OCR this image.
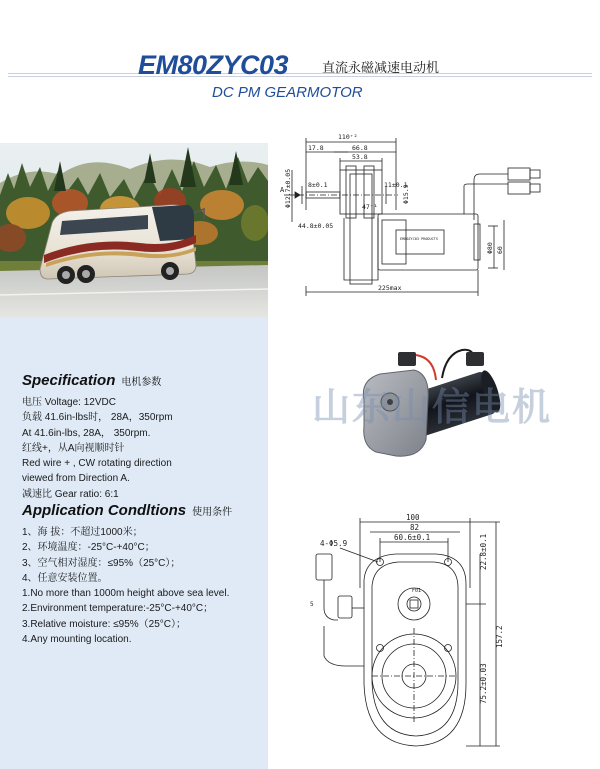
EM80ZYC03	直流永磁减速电动机
DC PM GEARMOTOR
Specification 电机参数
电压 Voltage: 12VDC
负载 41.6in-lbs时， 28A，350rpm
At 41.6in-lbs, 28A， 350rpm.
红线+，从A向视顺时针
Red wire + , CW rotating direction
viewed from Direction A.
减速比 Gear ratio: 6:1
Application Condltions 使用条件
1、海 拔：不超过1000米；
2、环境温度：-25°C-+40°C；
3、空气相对湿度：≤95%（25°C）；
4、任意安装位置。
1.No more than 1000m height above sea level.
2.Environment temperature:-25°C-+40°C；
3.Relative moisture: ≤95%（25°C）；
4.Any mounting location.
110⁺²
17.8	66.8
53.8
8±0.1	11±0.1
47⁺¹
44.8±0.05
225max
A
EM80ZYC03 PRODUCTS
Φ12.7±0.05	Φ15.9
Φ80 60
山东山信电机
100
82
60.6±0.1
4-Φ5.9
F01
5
22.8±0.1
75.2±0.03
157.2
